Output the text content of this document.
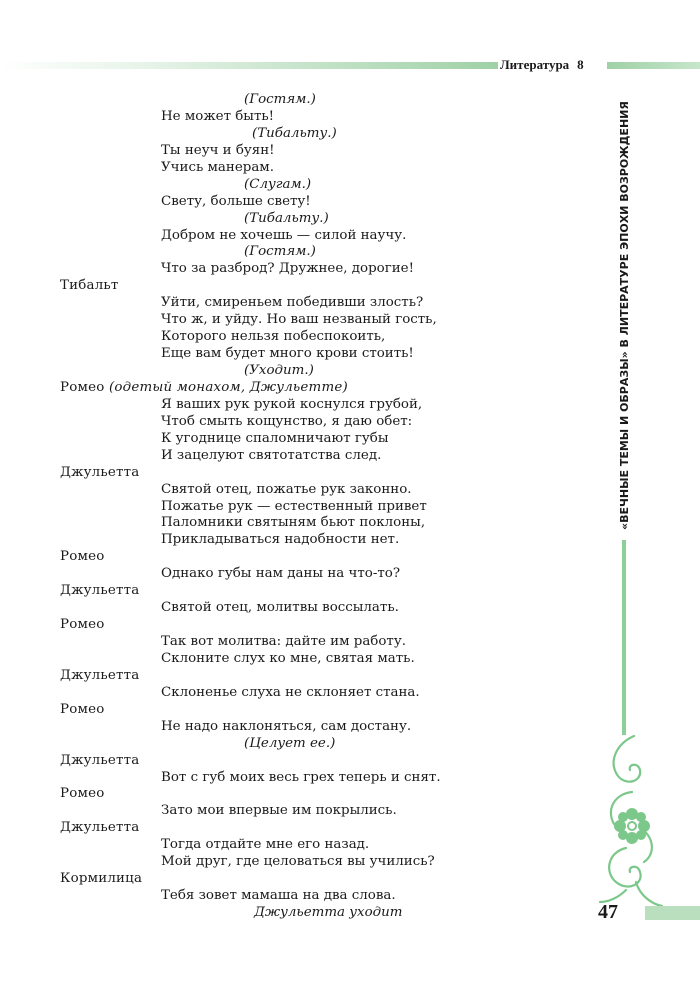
Литература 8
«ВЕЧНЫЕ ТЕМЫ И ОБРАЗЫ» В ЛИТЕРАТУРЕ ЭПОХИ ВОЗРОЖДЕНИЯ
(Гостям.)
Не может быть!
(Тибальту.)
Ты неуч и буян!
Учись манерам.
(Слугам.)
Свету, больше свету!
(Тибальту.)
Добром не хочешь — силой научу.
(Гостям.)
Что за разброд? Дружнее, дорогие!
Тибальт
Уйти, смиреньем победивши злость?
Что ж, и уйду. Но ваш незваный гость,
Которого нельзя побеспокоить,
Еще вам будет много крови стоить!
(Уходит.)
Ромео (одетый монахом, Джульетте)
Я ваших рук рукой коснулся грубой,
Чтоб смыть кощунство, я даю обет:
К угоднице спаломничают губы
И зацелуют святотатства след.
Джульетта
Святой отец, пожатье рук законно.
Пожатье рук — естественный привет
Паломники святыням бьют поклоны,
Прикладываться надобности нет.
Ромео
Однако губы нам даны на что-то?
Джульетта
Святой отец, молитвы воссылать.
Ромео
Так вот молитва: дайте им работу.
Склоните слух ко мне, святая мать.
Джульетта
Склоненье слуха не склоняет стана.
Ромео
Не надо наклоняться, сам достану.
(Целует ее.)
Джульетта
Вот с губ моих весь грех теперь и снят.
Ромео
Зато мои впервые им покрылись.
Джульетта
Тогда отдайте мне его назад.
Мой друг, где целоваться вы учились?
Кормилица
Тебя зовет мамаша на два слова.
Джульетта уходит	47
